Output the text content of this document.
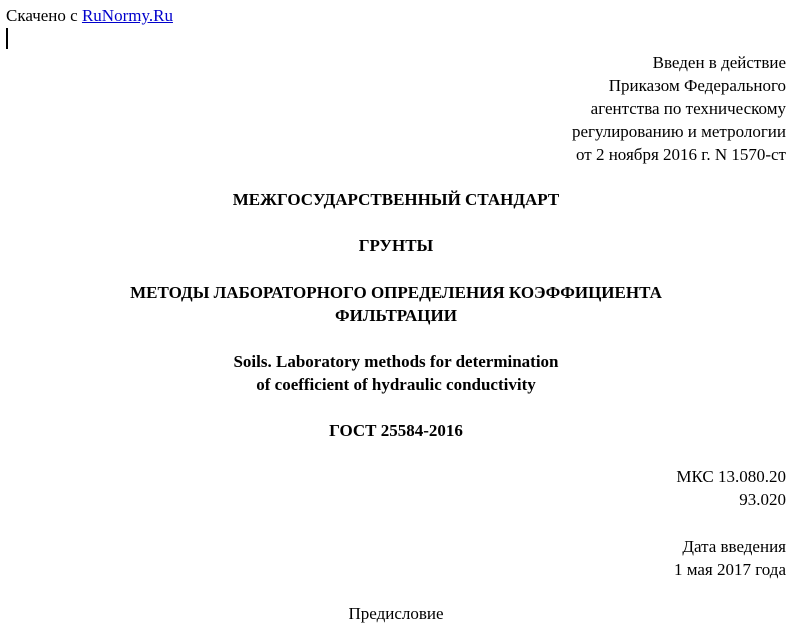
Скачено с RuNormy.Ru
Введен в действие
Приказом Федерального
агентства по техническому
регулированию и метрологии
от 2 ноября 2016 г. N 1570-ст
МЕЖГОСУДАРСТВЕННЫЙ СТАНДАРТ
ГРУНТЫ
МЕТОДЫ ЛАБОРАТОРНОГО ОПРЕДЕЛЕНИЯ КОЭФФИЦИЕНТА
ФИЛЬТРАЦИИ
Soils. Laboratory methods for determination
of coefficient of hydraulic conductivity
ГОСТ 25584-2016
МКС 13.080.20
93.020
Дата введения
1 мая 2017 года
Предисловие
